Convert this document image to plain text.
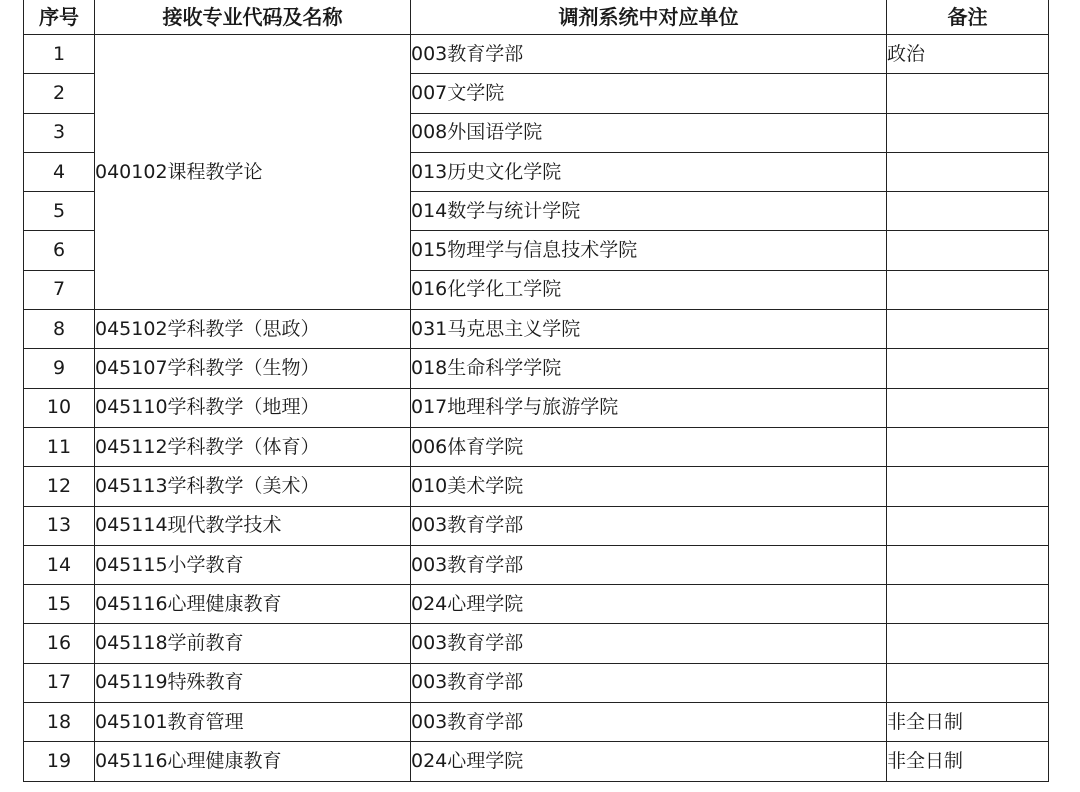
序号	接收专业代码及名称	调剂系统中对应单位	备注
1	040102课程教学论	003教育学部	政治
2		007文学院	
3		008外国语学院	
4		013历史文化学院	
5		014数学与统计学院	
6		015物理学与信息技术学院	
7		016化学化工学院	
8	045102学科教学（思政）	031马克思主义学院	
9	045107学科教学（生物）	018生命科学学院	
10	045110学科教学（地理）	017地理科学与旅游学院	
11	045112学科教学（体育）	006体育学院	
12	045113学科教学（美术）	010美术学院	
13	045114现代教学技术	003教育学部	
14	045115小学教育	003教育学部	
15	045116心理健康教育	024心理学院	
16	045118学前教育	003教育学部	
17	045119特殊教育	003教育学部	
18	045101教育管理	003教育学部	非全日制
19	045116心理健康教育	024心理学院	非全日制
